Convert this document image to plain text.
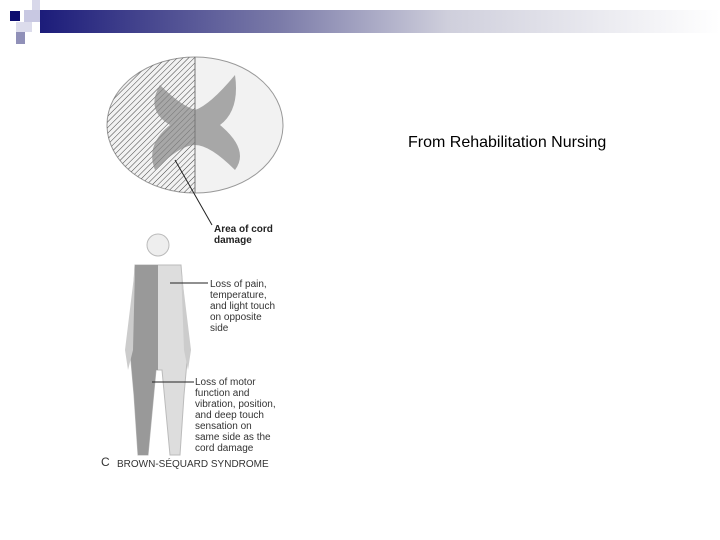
From Rehabilitation Nursing
Area of cord damage
Loss of pain,
temperature,
and light touch
on opposite
side
Loss of motor
function and
vibration, position,
and deep touch
sensation on
same side as the
cord damage
C BROWN-SÉQUARD SYNDROME
